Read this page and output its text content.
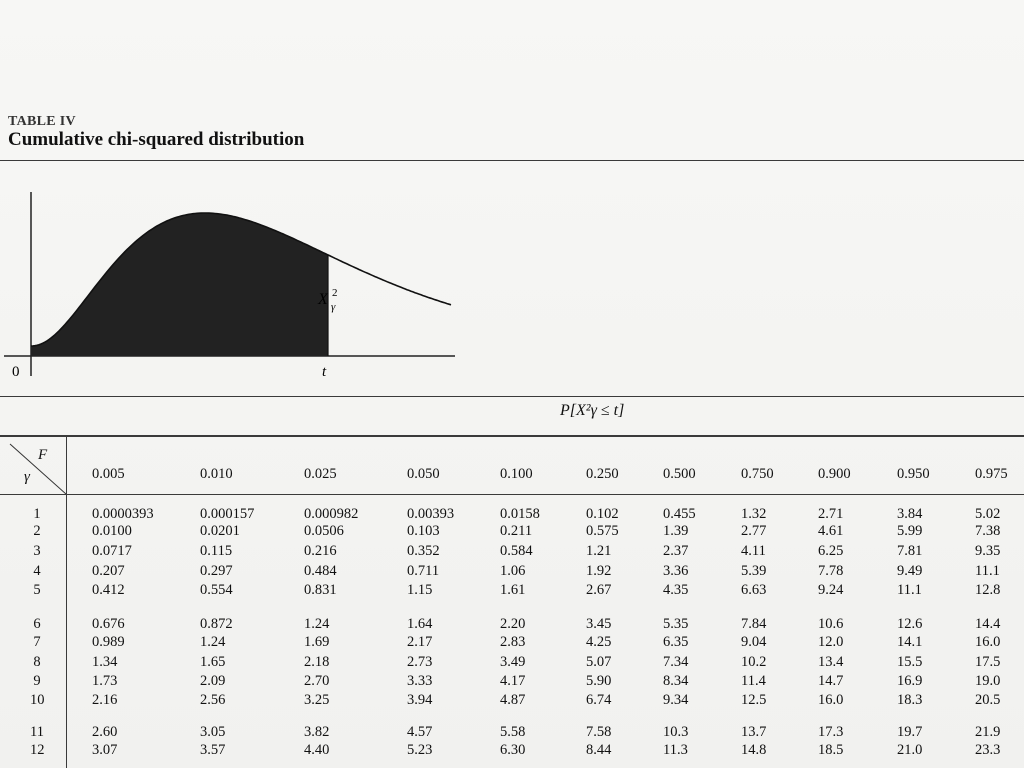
TABLE IV
Cumulative chi-squared distribution
0	t
X 2
γ
P[X²γ ≤ t]
F
γ	0.005	0.010	0.025	0.050	0.100	0.250	0.500	0.750	0.900	0.950	0.975
1	0.0000393	0.000157	0.000982	0.00393	0.0158	0.102	0.455	1.32	2.71	3.84	5.02
2	0.0100	0.0201	0.0506	0.103	0.211	0.575	1.39	2.77	4.61	5.99	7.38
3	0.0717	0.115	0.216	0.352	0.584	1.21	2.37	4.11	6.25	7.81	9.35
4	0.207	0.297	0.484	0.711	1.06	1.92	3.36	5.39	7.78	9.49	11.1
5	0.412	0.554	0.831	1.15	1.61	2.67	4.35	6.63	9.24	11.1	12.8
6	0.676	0.872	1.24	1.64	2.20	3.45	5.35	7.84	10.6	12.6	14.4
7	0.989	1.24	1.69	2.17	2.83	4.25	6.35	9.04	12.0	14.1	16.0
8	1.34	1.65	2.18	2.73	3.49	5.07	7.34	10.2	13.4	15.5	17.5
9	1.73	2.09	2.70	3.33	4.17	5.90	8.34	11.4	14.7	16.9	19.0
10	2.16	2.56	3.25	3.94	4.87	6.74	9.34	12.5	16.0	18.3	20.5
11	2.60	3.05	3.82	4.57	5.58	7.58	10.3	13.7	17.3	19.7	21.9
12	3.07	3.57	4.40	5.23	6.30	8.44	11.3	14.8	18.5	21.0	23.3
